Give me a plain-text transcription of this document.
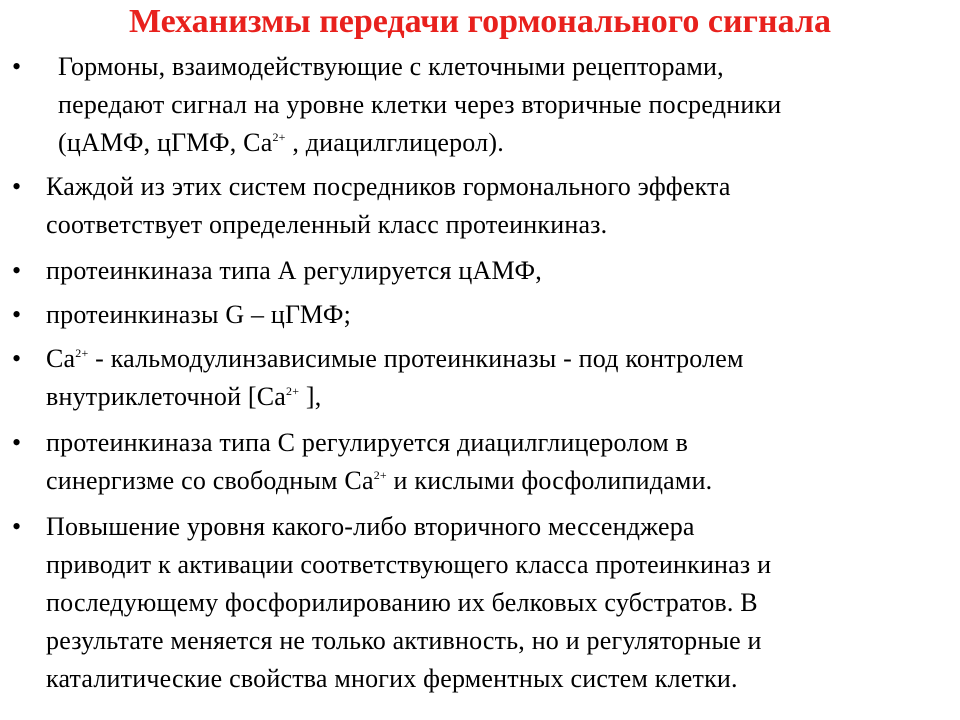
Механизмы передачи гормонального сигнала
• Гормоны, взаимодействующие с клеточными рецепторами,
передают сигнал на уровне клетки через вторичные посредники
(цАМФ, цГМФ, $Ca^{2+}$ , диацилглицерол).
• Каждой из этих систем посредников гормонального эффекта
соответствует определенный класс протеинкиназ.
• протеинкиназа типа А регулируется цАМФ,
• протеинкиназы G – цГМФ;
• $Ca^{2+}$ - кальмодулинзависимые протеинкиназы - под контролем
внутриклеточной [$Ca^{2+}$ ],
• протеинкиназа типа С регулируется диацилглицеролом в
синергизме со свободным $Са^{2+}$ и кислыми фосфолипидами.
• Повышение уровня какого-либо вторичного мессенджера
приводит к активации соответствующего класса протеинкиназ и
последующему фосфорилированию их белковых субстратов. В
результате меняется не только активность, но и регуляторные и
каталитические свойства многих ферментных систем клетки.
